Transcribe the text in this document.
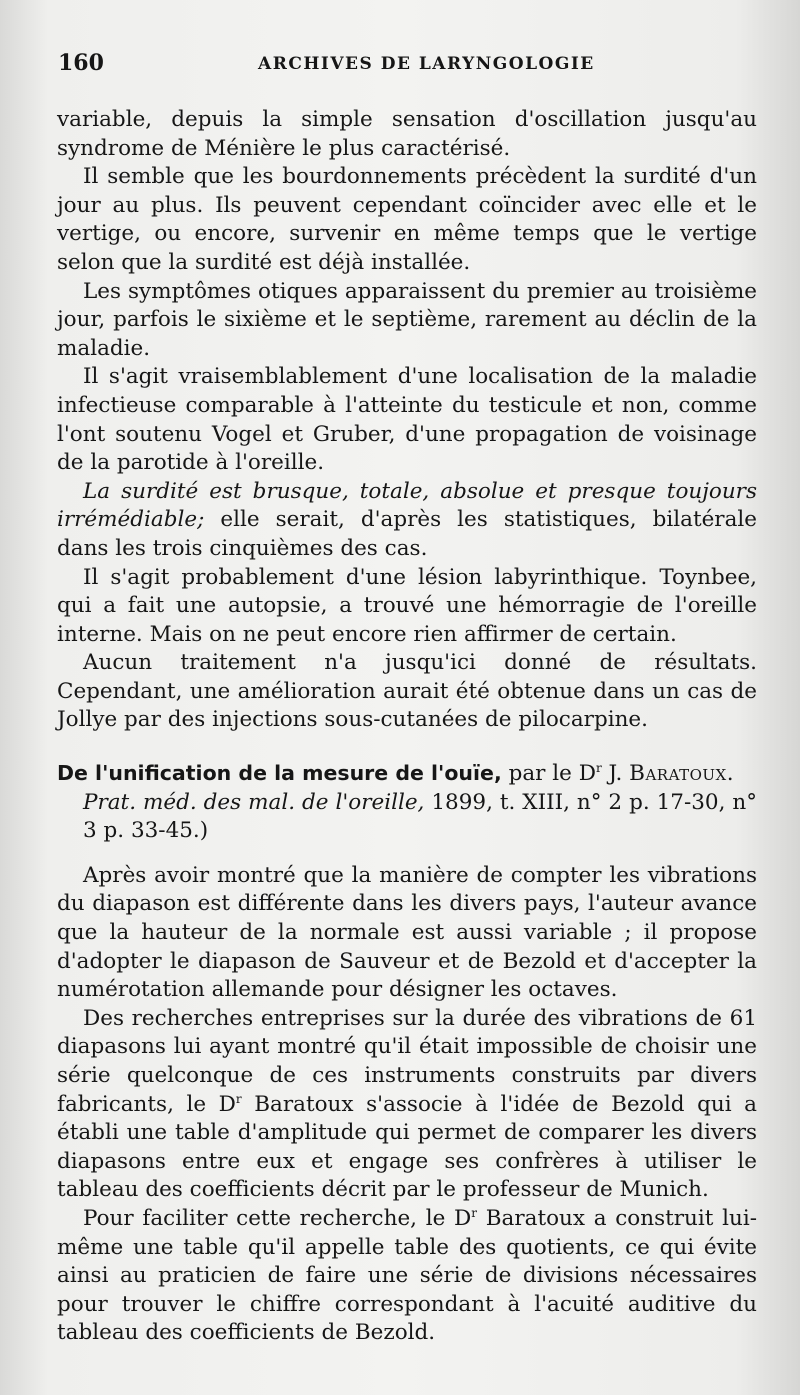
160	ARCHIVES DE LARYNGOLOGIE

variable, depuis la simple sensation d'oscillation jusqu'au syndrome de Ménière le plus caractérisé.

Il semble que les bourdonnements précèdent la surdité d'un jour au plus. Ils peuvent cependant coïncider avec elle et le vertige, ou encore, survenir en même temps que le vertige selon que la surdité est déjà installée.

Les symptômes otiques apparaissent du premier au troisième jour, parfois le sixième et le septième, rarement au déclin de la maladie.

Il s'agit vraisemblablement d'une localisation de la maladie infectieuse comparable à l'atteinte du testicule et non, comme l'ont soutenu Vogel et Gruber, d'une propagation de voisinage de la parotide à l'oreille.

La surdité est brusque, totale, absolue et presque toujours irrémédiable; elle serait, d'après les statistiques, bilatérale dans les trois cinquièmes des cas.

Il s'agit probablement d'une lésion labyrinthique. Toynbee, qui a fait une autopsie, a trouvé une hémorragie de l'oreille interne. Mais on ne peut encore rien affirmer de certain.

Aucun traitement n'a jusqu'ici donné de résultats. Cependant, une amélioration aurait été obtenue dans un cas de Jollye par des injections sous-cutanées de pilocarpine.

De l'unification de la mesure de l'ouïe, par le $D^r$ J. Baratoux.

Prat. méd. des mal. de l'oreille, 1899, t. XIII, n° 2 p. 17-30, n° 3 p. 33-45.)

Après avoir montré que la manière de compter les vibrations du diapason est différente dans les divers pays, l'auteur avance que la hauteur de la normale est aussi variable ; il propose d'adopter le diapason de Sauveur et de Bezold et d'accepter la numérotation allemande pour désigner les octaves.

Des recherches entreprises sur la durée des vibrations de 61 diapasons lui ayant montré qu'il était impossible de choisir une série quelconque de ces instruments construits par divers fabricants, le $D^r$ Baratoux s'associe à l'idée de Bezold qui a établi une table d'amplitude qui permet de comparer les divers diapasons entre eux et engage ses confrères à utiliser le tableau des coefficients décrit par le professeur de Munich.

Pour faciliter cette recherche, le $D^r$ Baratoux a construit lui-même une table qu'il appelle table des quotients, ce qui évite ainsi au praticien de faire une série de divisions nécessaires pour trouver le chiffre correspondant à l'acuité auditive du tableau des coefficients de Bezold.
